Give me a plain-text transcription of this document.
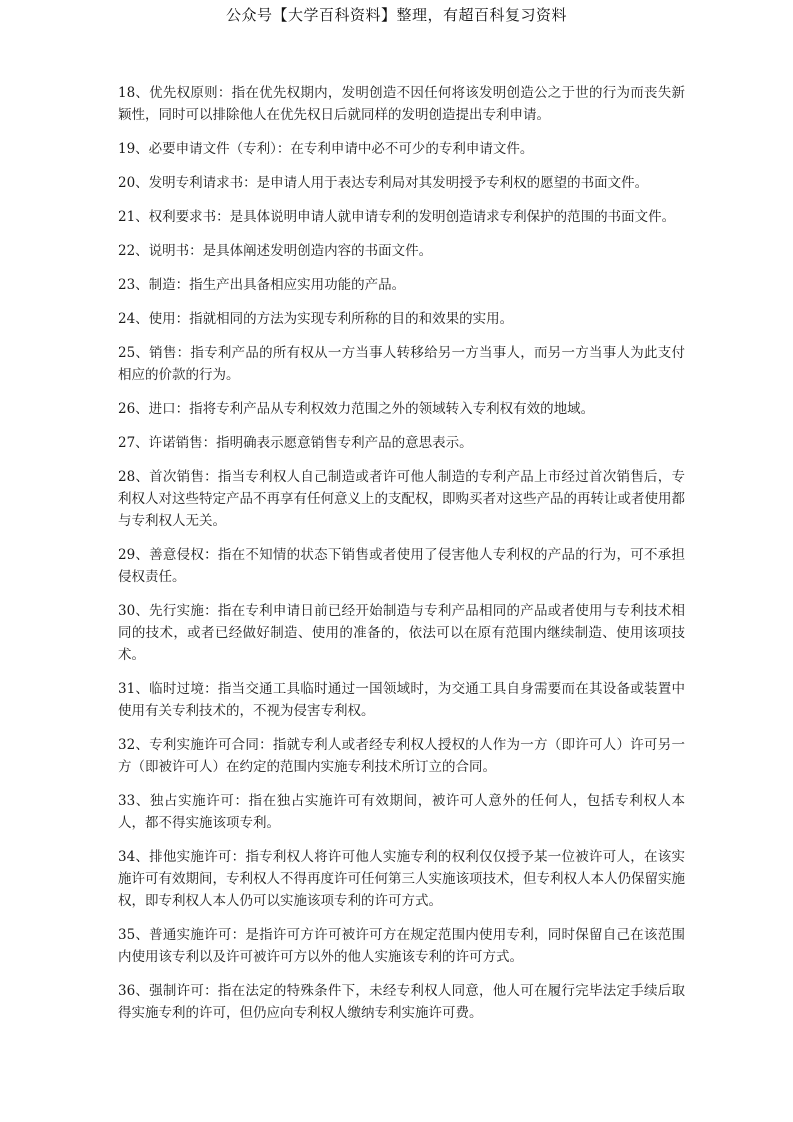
公众号【大学百科资料】整理，有超百科复习资料

18、优先权原则：指在优先权期内，发明创造不因任何将该发明创造公之于世的行为而丧失新颖性，同时可以排除他人在优先权日后就同样的发明创造提出专利申请。

19、必要申请文件（专利）：在专利申请中必不可少的专利申请文件。

20、发明专利请求书：是申请人用于表达专利局对其发明授予专利权的愿望的书面文件。

21、权利要求书：是具体说明申请人就申请专利的发明创造请求专利保护的范围的书面文件。

22、说明书：是具体阐述发明创造内容的书面文件。

23、制造：指生产出具备相应实用功能的产品。

24、使用：指就相同的方法为实现专利所称的目的和效果的实用。

25、销售：指专利产品的所有权从一方当事人转移给另一方当事人，而另一方当事人为此支付相应的价款的行为。

26、进口：指将专利产品从专利权效力范围之外的领域转入专利权有效的地域。

27、许诺销售：指明确表示愿意销售专利产品的意思表示。

28、首次销售：指当专利权人自己制造或者许可他人制造的专利产品上市经过首次销售后，专利权人对这些特定产品不再享有任何意义上的支配权，即购买者对这些产品的再转让或者使用都与专利权人无关。

29、善意侵权：指在不知情的状态下销售或者使用了侵害他人专利权的产品的行为，可不承担侵权责任。

30、先行实施：指在专利申请日前已经开始制造与专利产品相同的产品或者使用与专利技术相同的技术，或者已经做好制造、使用的准备的，依法可以在原有范围内继续制造、使用该项技术。

31、临时过境：指当交通工具临时通过一国领域时，为交通工具自身需要而在其设备或装置中使用有关专利技术的，不视为侵害专利权。

32、专利实施许可合同：指就专利人或者经专利权人授权的人作为一方（即许可人）许可另一方（即被许可人）在约定的范围内实施专利技术所订立的合同。

33、独占实施许可：指在独占实施许可有效期间，被许可人意外的任何人，包括专利权人本人，都不得实施该项专利。

34、排他实施许可：指专利权人将许可他人实施专利的权利仅仅授予某一位被许可人，在该实施许可有效期间，专利权人不得再度许可任何第三人实施该项技术，但专利权人本人仍保留实施权，即专利权人本人仍可以实施该项专利的许可方式。

35、普通实施许可：是指许可方许可被许可方在规定范围内使用专利，同时保留自己在该范围内使用该专利以及许可被许可方以外的他人实施该专利的许可方式。

36、强制许可：指在法定的特殊条件下，未经专利权人同意，他人可在履行完毕法定手续后取得实施专利的许可，但仍应向专利权人缴纳专利实施许可费。
